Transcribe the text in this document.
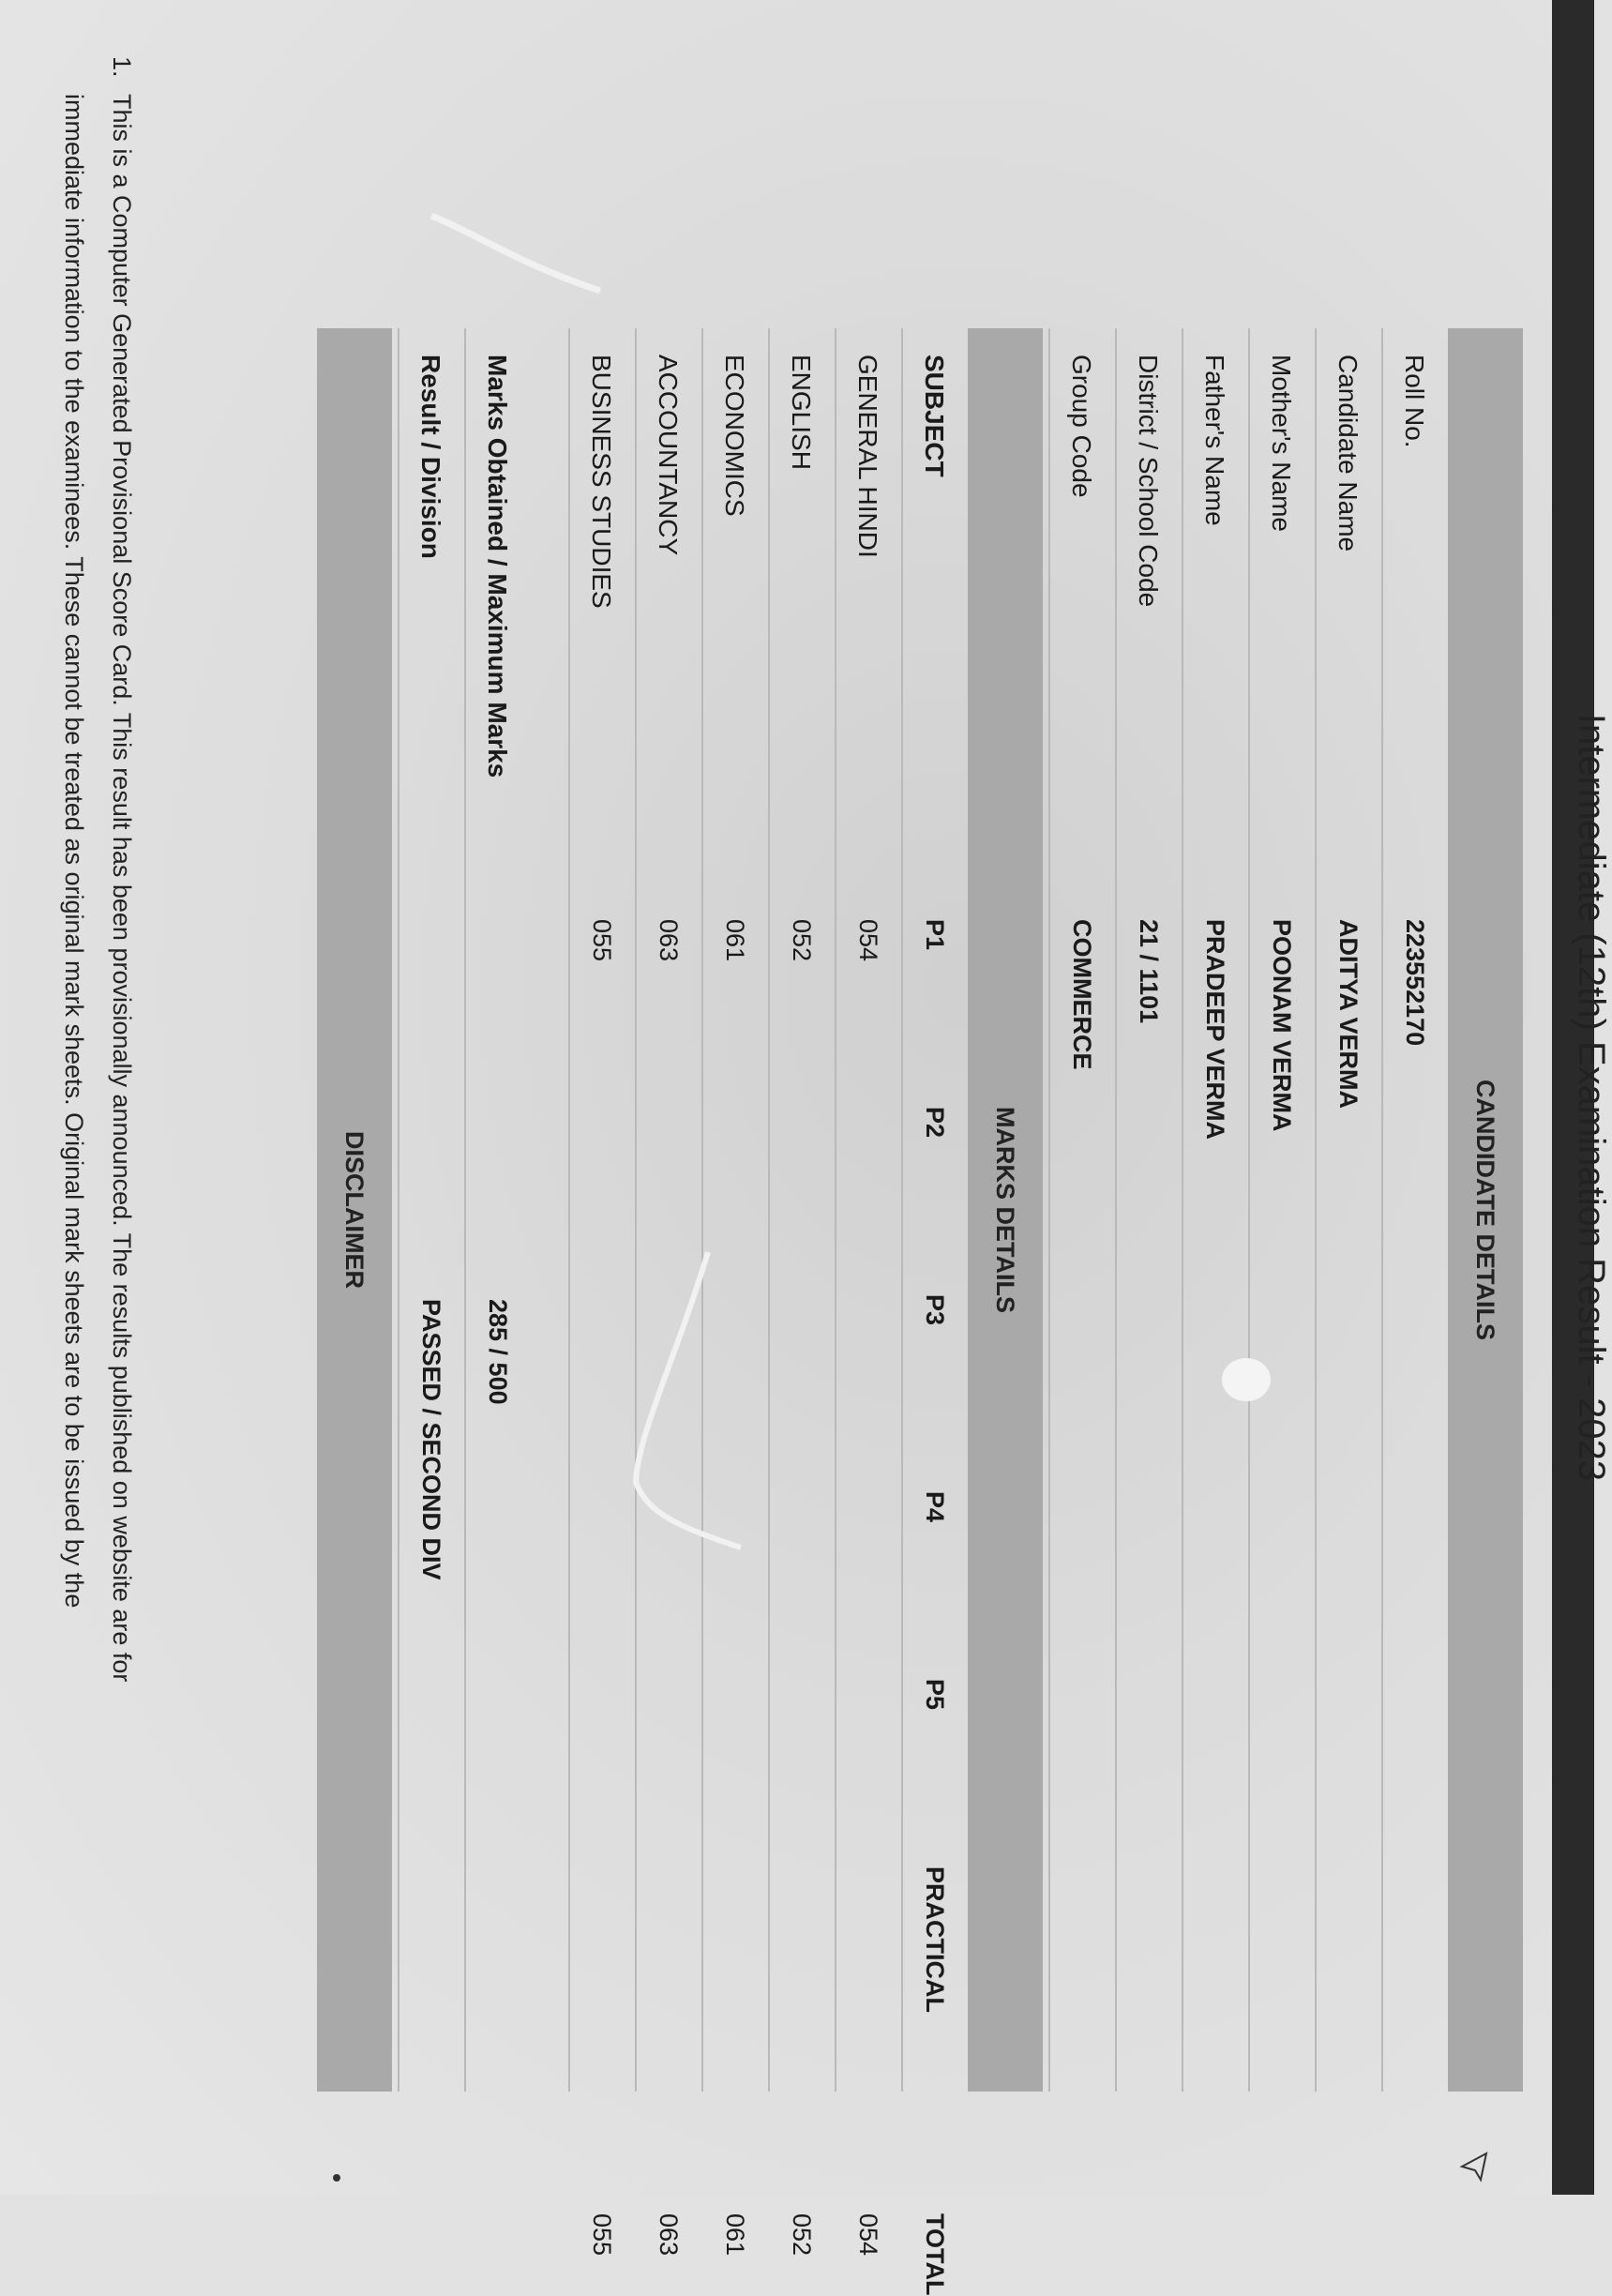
Intermediate (12th) Examination Result - 2023
CANDIDATE DETAILS
Roll No.
223552170
Candidate Name
ADITYA VERMA
Mother's Name
POONAM VERMA
Father's Name
PRADEEP VERMA
District / School Code
21 / 1101
Group Code
COMMERCE
MARKS DETAILS
SUBJECT
P1
P2
P3
P4
P5
PRACTICAL
TOTAL
GENERAL HINDI
054
054
ENGLISH
052
052
ECONOMICS
061
061
ACCOUNTANCY
063
063
BUSINESS STUDIES
055
055
Marks Obtained / Maximum Marks
285 / 500
Result / Division
PASSED / SECOND DIV
DISCLAIMER
1.This is a Computer Generated Provisional Score Card. This result has been provisionally announced. The results published on website are for
immediate information to the examinees. These cannot be treated as original mark sheets. Original mark sheets are to be issued by the
